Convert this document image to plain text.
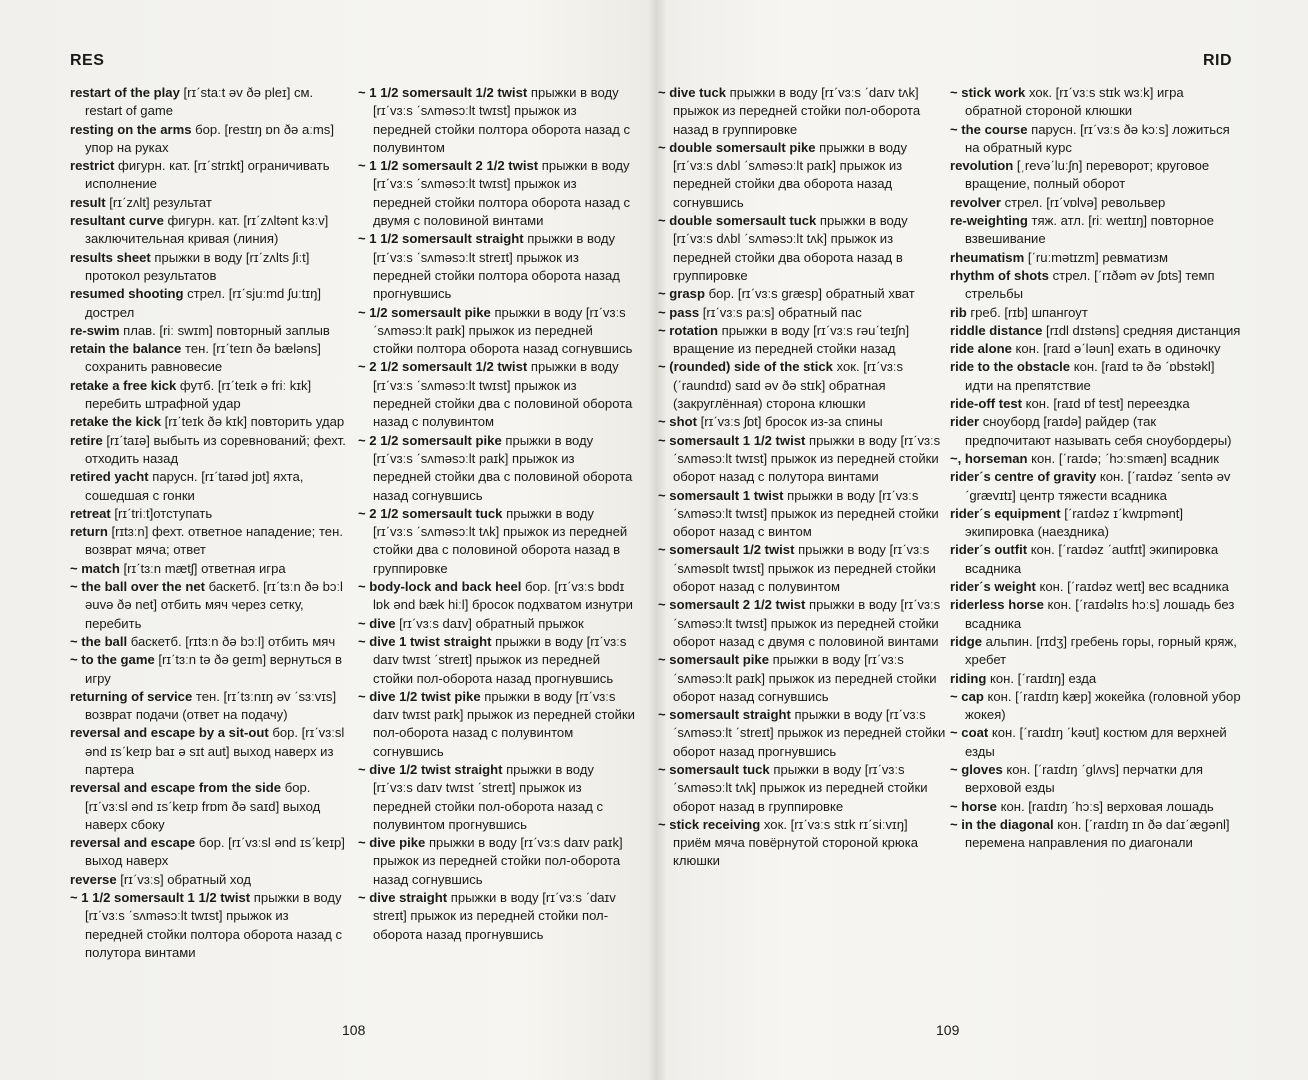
RES

restart of the play [rɪˊstaːt əv ðə pleɪ] см. restart of game

resting on the arms бор. [restɪŋ ɒn ðə aːms] упор на руках

restrict фигурн. кат. [rɪˊstrɪkt] ограничивать исполнение

result [rɪˊzʌlt] результат

resultant curve фигурн. кат. [rɪˊzʌltənt kɜːv] заключительная кривая (линия)

results sheet прыжки в воду [rɪˊzʌlts ʃiːt] протокол результатов

resumed shooting стрел. [rɪˊsjuːmd ʃuːtɪŋ] дострел

re-swim плав. [riː swɪm] повторный заплыв

retain the balance тен. [rɪˊteɪn ðə bæləns] сохранить равновесие

retake a free kick футб. [rɪˊteɪk ə friː kɪk] перебить штрафной удар

retake the kick [rɪˊteɪk ðə kɪk] повторить удар

retire [rɪˊtaɪə] выбыть из соревнований; фехт. отходить назад

retired yacht парусн. [rɪˊtaɪəd jɒt] яхта, сошедшая с гонки

retreat [rɪˊtriːt]отступать

return [rɪtɜːn] фехт. ответное нападение; тен. возврат мяча; ответ

~ match [rɪˊtɜːn mætʃ] ответная игра

~ the ball over the net баскетб. [rɪˊtɜːn ðə bɔːl əuvə ðə net] отбить мяч через сетку, перебить

~ the ball баскетб. [rɪtɜːn ðə bɔːl] отбить мяч

~ to the game [rɪˊtɜːn tə ðə geɪm] вернуться в игру

returning of service тен. [rɪˊtɜːnɪŋ əv ˊsɜːvɪs] возврат подачи (ответ на подачу)

reversal and escape by a sit-out бор. [rɪˊvɜːsl ənd ɪsˊkeɪp baɪ ə sɪt aut] выход наверх из партера

reversal and escape from the side бор. [rɪˊvɜːsl ənd ɪsˊkeɪp frɒm ðə saɪd] выход наверх сбоку

reversal and escape бор. [rɪˊvɜːsl ənd ɪsˊkeɪp] выход наверх

reverse [rɪˊvɜːs] обратный ход

~ 1 1/2 somersault 1 1/2 twist прыжки в воду [rɪˊvɜːs ˊsʌməsɔːlt twɪst] прыжок из передней стойки полтора оборота назад с полутора винтами

~ 1 1/2 somersault 1/2 twist прыжки в воду [rɪˊvɜːs ˊsʌməsɔːlt twɪst] прыжок из передней стойки полтора оборота назад с полувинтом

~ 1 1/2 somersault 2 1/2 twist прыжки в воду [rɪˊvɜːs ˊsʌməsɔːlt twɪst] прыжок из передней стойки полтора оборота назад с двумя с половиной винтами

~ 1 1/2 somersault straight прыжки в воду [rɪˊvɜːs ˊsʌməsɔːlt streɪt] прыжок из передней стойки полтора оборота назад прогнувшись

~ 1/2 somersault pike прыжки в воду [rɪˊvɜːs ˊsʌməsɔːlt paɪk] прыжок из передней стойки полтора оборота назад согнувшись

~ 2 1/2 somersault 1/2 twist прыжки в воду [rɪˊvɜːs ˊsʌməsɔːlt twɪst] прыжок из передней стойки два с половиной оборота назад с полувинтом

~ 2 1/2 somersault pike прыжки в воду [rɪˊvɜːs ˊsʌməsɔːlt paɪk] прыжок из передней стойки два с половиной оборота назад согнувшись

~ 2 1/2 somersault tuck прыжки в воду [rɪˊvɜːs ˊsʌməsɔːlt tʌk] прыжок из передней стойки два с половиной оборота назад в группировке

~ body-lock and back heel бор. [rɪˊvɜːs bɒdɪ lɒk ənd bæk hiːl] бросок подхватом изнутри

~ dive [rɪˊvɜːs daɪv] обратный прыжок

~ dive 1 twist straight прыжки в воду [rɪˊvɜːs daɪv twɪst ˊstreɪt] прыжок из передней стойки пол-оборота назад прогнувшись

~ dive 1/2 twist pike прыжки в воду [rɪˊvɜːs daɪv twɪst paɪk] прыжок из передней стойки пол-оборота назад с полувинтом согнувшись

~ dive 1/2 twist straight прыжки в воду [rɪˊvɜːs daɪv twɪst ˊstreɪt] прыжок из передней стойки пол-оборота назад с полувинтом прогнувшись

~ dive pike прыжки в воду [rɪˊvɜːs daɪv paɪk] прыжок из передней стойки пол-оборота назад согнувшись

~ dive straight прыжки в воду [rɪˊvɜːs ˊdaɪv streɪt] прыжок из передней стойки пол-оборота назад прогнувшись

108
RID

~ dive tuck прыжки в воду [rɪˊvɜːs ˊdaɪv tʌk] прыжок из передней стойки пол-оборота назад в группировке

~ double somersault pike прыжки в воду [rɪˊvɜːs dʌbl ˊsʌməsɔːlt paɪk] прыжок из передней стойки два оборота назад согнувшись

~ double somersault tuck прыжки в воду [rɪˊvɜːs dʌbl ˊsʌməsɔːlt tʌk] прыжок из передней стойки два оборота назад в группировке

~ grasp бор. [rɪˊvɜːs græsp] обратный хват

~ pass [rɪˊvɜːs paːs] обратный пас

~ rotation прыжки в воду [rɪˊvɜːs rəuˊteɪʃn] вращение из передней стойки назад

~ (rounded) side of the stick хок. [rɪˊvɜːs (ˊraundɪd) saɪd əv ðə stɪk] обратная (закруглённая) сторона клюшки

~ shot [rɪˊvɜːs ʃɒt] бросок из-за спины

~ somersault 1 1/2 twist прыжки в воду [rɪˊvɜːs ˊsʌməsɔːlt twɪst] прыжок из передней стойки оборот назад с полутора винтами

~ somersault 1 twist прыжки в воду [rɪˊvɜːs ˊsʌməsɔːlt twɪst] прыжок из передней стойки оборот назад с винтом

~ somersault 1/2 twist прыжки в воду [rɪˊvɜːs ˊsʌməsɒlt twɪst] прыжок из передней стойки оборот назад с полувинтом

~ somersault 2 1/2 twist прыжки в воду [rɪˊvɜːs ˊsʌməsɔːlt twɪst] прыжок из передней стойки оборот назад с двумя с половиной винтами

~ somersault pike прыжки в воду [rɪˊvɜːs ˊsʌməsɔːlt paɪk] прыжок из передней стойки оборот назад согнувшись

~ somersault straight прыжки в воду [rɪˊvɜːs ˊsʌməsɔːlt ˊstreɪt] прыжок из передней стойки оборот назад прогнувшись

~ somersault tuck прыжки в воду [rɪˊvɜːs ˊsʌməsɔːlt tʌk] прыжок из передней стойки оборот назад в группировке

~ stick receiving хок. [rɪˊvɜːs stɪk rɪˊsiːvɪŋ] приём мяча повёрнутой стороной крюка клюшки

~ stick work хок. [rɪˊvɜːs stɪk wɜːk] игра обратной стороной клюшки

~ the course парусн. [rɪˊvɜːs ðə kɔːs] ложиться на обратный курс

revolution [ˌrevəˊluːʃn] переворот; круговое вращение, полный оборот

revolver стрел. [rɪˊvɒlvə] револьвер

re-weighting тяж. атл. [riː weɪtɪŋ] повторное взвешивание

rheumatism [ˊruːmətɪzm] ревматизм

rhythm of shots стрел. [ˊrɪðəm əv ʃɒts] темп стрельбы

rib греб. [rɪb] шпангоут

riddle distance [rɪdl dɪstəns] средняя дистанция

ride alone кон. [raɪd əˊləun] ехать в одиночку

ride to the obstacle кон. [raɪd tə ðə ˊɒbstəkl] идти на препятствие

ride-off test кон. [raɪd ɒf test] переездка

rider сноуборд [raɪdə] райдер (так предпочитают называть себя сноубордеры)

~, horseman кон. [ˊraɪdə; ˊhɔːsmæn] всадник

riderˊs centre of gravity кон. [ˊraɪdəz ˊsentə əv ˊgrævɪtɪ] центр тяжести всадника

riderˊs equipment [ˊraɪdəz ɪˊkwɪpmənt] экипировка (наездника)

riderˊs outfit кон. [ˊraɪdəz ˊautfɪt] экипировка всадника

riderˊs weight кон. [ˊraɪdəz weɪt] вес всадника

riderless horse кон. [ˊraɪdəlɪs hɔːs] лошадь без всадника

ridge альпин. [rɪdʒ] гребень горы, горный кряж, хребет

riding кон. [ˊraɪdɪŋ] езда

~ cap кон. [ˊraɪdɪŋ kæp] жокейка (головной убор жокея)

~ coat кон. [ˊraɪdɪŋ ˊkəut] костюм для верхней езды

~ gloves кон. [ˊraɪdɪŋ ˊglʌvs] перчатки для верховой езды

~ horse кон. [raɪdɪŋ ˊhɔːs] верховая лошадь

~ in the diagonal кон. [ˊraɪdɪŋ ɪn ðə daɪˊægənl] перемена направления по диагонали

109
